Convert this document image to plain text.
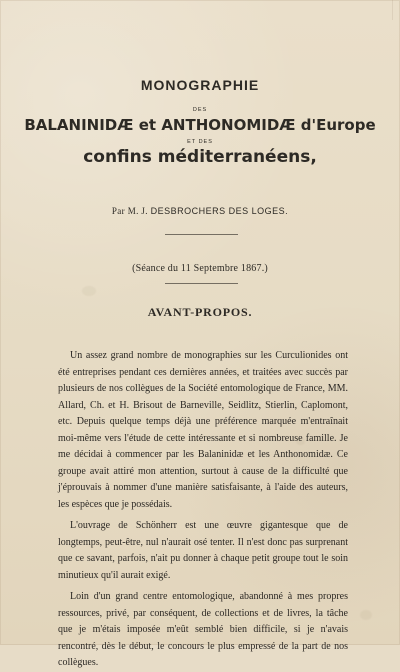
MONOGRAPHIE
DES
BALANINIDÆ et ANTHONOMIDÆ d'Europe
ET DES
confins méditerranéens,
Par M. J. DESBROCHERS DES LOGES.
(Séance du 11 Septembre 1867.)
AVANT-PROPOS.

Un assez grand nombre de monographies sur les Curculionides ont été entreprises pendant ces dernières années, et traitées avec succès par plusieurs de nos collègues de la Société entomologique de France, MM. Allard, Ch. et H. Brisout de Barneville, Seidlitz, Stierlin, Caplomont, etc. Depuis quelque temps déjà une préférence marquée m'entraînait moi-même vers l'étude de cette intéressante et si nombreuse famille. Je me décidai à commencer par les Balaninidæ et les Anthonomidæ. Ce groupe avait attiré mon attention, surtout à cause de la difficulté que j'éprouvais à nommer d'une manière satisfaisante, à l'aide des auteurs, les espèces que je possédais.

L'ouvrage de Schönherr est une œuvre gigantesque que de longtemps, peut-être, nul n'aurait osé tenter. Il n'est donc pas surprenant que ce savant, parfois, n'ait pu donner à chaque petit groupe tout le soin minutieux qu'il aurait exigé.

Loin d'un grand centre entomologique, abandonné à mes propres ressources, privé, par conséquent, de collections et de livres, la tâche que je m'étais imposée m'eût semblé bien difficile, si je n'avais rencontré, dès le début, le concours le plus empressé de la part de nos collègues.
